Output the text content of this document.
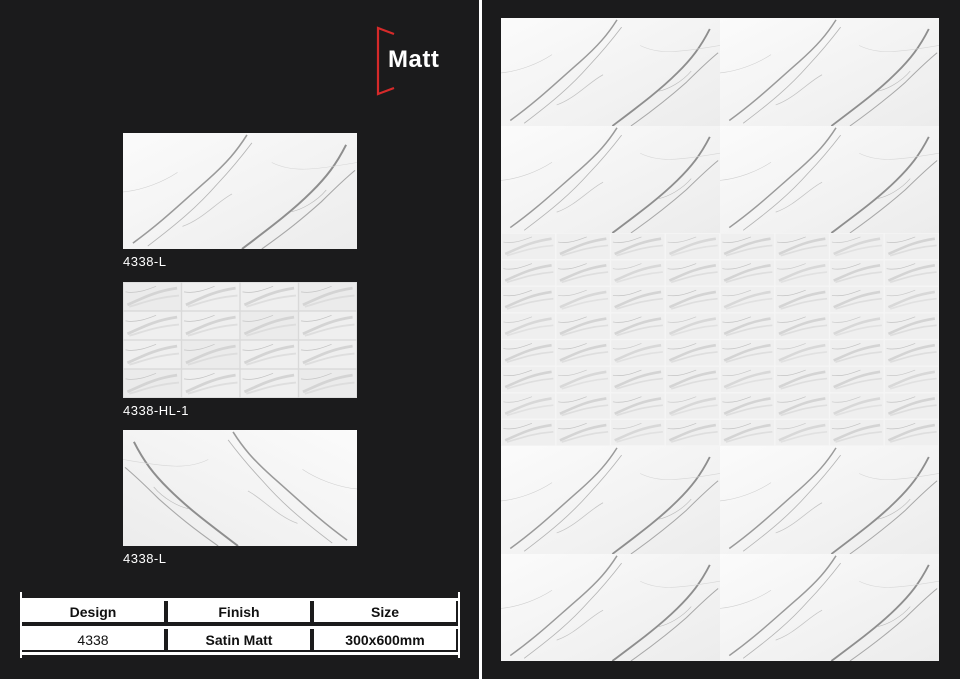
Matt
4338-L
4338-HL-1
4338-L
Design	Finish	Size
4338	Satin Matt	300x600mm
